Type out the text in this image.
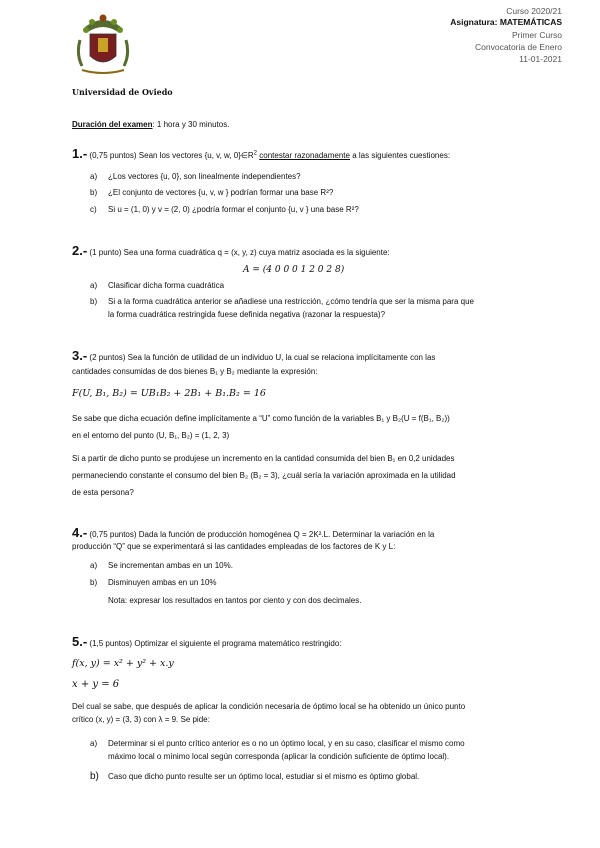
Universidad de Oviedo
Curso 2020/21
Asignatura: MATEMÁTICAS
Primer Curso
Convocatoria de Enero
11-01-2021
Duración del examen: 1 hora y 30 minutos.
1.- (0,75 puntos) Sean los vectores {u, v, w, $0\}\in R^2$ contestar razonadamente a las siguientes cuestiones:
a) ¿Los vectores {u, 0}, son linealmente independientes?
b) ¿El conjunto de vectores {u, v, w } podrían formar una base R²?
c) Si u = (1, 0) y v = (2, 0) ¿podría formar el conjunto {u, v } una base R²?
2.- (1 punto) Sea una forma cuadrática q = (x, y, z) cuya matriz asociada es la siguiente:
A = (4 0 0 0 1 2 0 2 8)
a) Clasificar dicha forma cuadrática
b) Si a la forma cuadrática anterior se añadiese una restricción, ¿cómo tendría que ser la misma para que
la forma cuadrática restringida fuese definida negativa (razonar la respuesta)?
3.- (2 puntos) Sea la función de utilidad de un individuo U, la cual se relaciona implícitamente con las
cantidades consumidas de dos bienes B₁ y B₂ mediante la expresión:
F(U, B₁, B₂) = UB₁B₂ + 2B₁ + B₁.B₂ = 16
Se sabe que dicha ecuación define implícitamente a “U” como función de la variables B₁ y B₂(U = f(B₁, B₂))
en el entorno del punto (U, B₁, B₂) = (1, 2, 3)
Si a partir de dicho punto se produjese un incremento en la cantidad consumida del bien B₁ en 0,2 unidades
permaneciendo constante el consumo del bien B₂ (B₂ = 3), ¿cuál sería la variación aproximada en la utilidad
de esta persona?
4.- (0,75 puntos) Dada la función de producción homogénea Q = 2K².L. Determinar la variación en la
producción “Q” que se experimentará si las cantidades empleadas de los factores de K y L:
a) Se incrementan ambas en un 10%.
b) Disminuyen ambas en un 10%
Nota: expresar los resultados en tantos por ciento y con dos decimales.
5.- (1,5 puntos) Optimizar el siguiente el programa matemático restringido:
f(x, y) = x² + y² + x.y
x + y = 6
Del cual se sabe, que después de aplicar la condición necesaria de óptimo local se ha obtenido un único punto
crítico (x, y) = (3, 3) con λ = 9. Se pide:
a) Determinar si el punto crítico anterior es o no un óptimo local, y en su caso, clasificar el mismo como
máximo local o mínimo local según corresponda (aplicar la condición suficiente de óptimo local).
b) Caso que dicho punto resulte ser un óptimo local, estudiar si el mismo es óptimo global.
